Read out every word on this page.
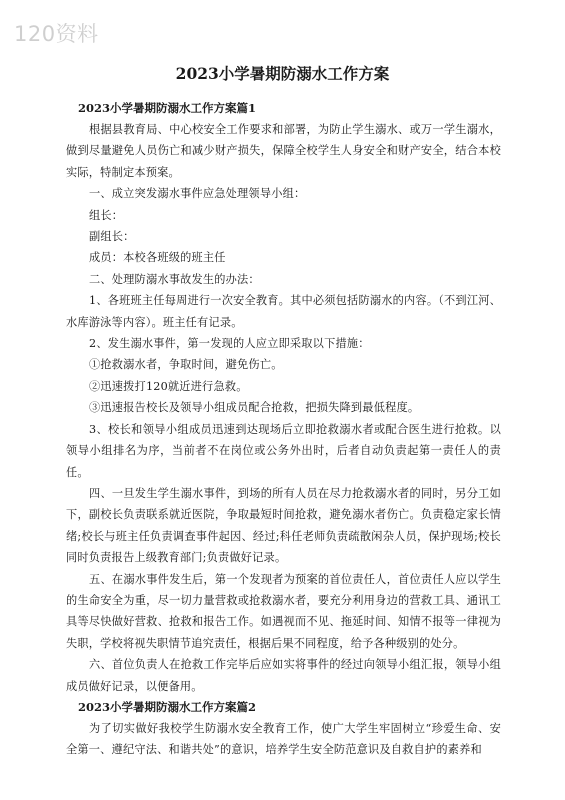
120资料
2023小学暑期防溺水工作方案
2023小学暑期防溺水工作方案篇1

根据县教育局、中心校安全工作要求和部署，为防止学生溺水、或万一学生溺水，做到尽量避免人员伤亡和减少财产损失，保障全校学生人身安全和财产安全，结合本校实际，特制定本预案。

一、成立突发溺水事件应急处理领导小组：

组长：

副组长：

成员：本校各班级的班主任

二、处理防溺水事故发生的办法：

1、各班班主任每周进行一次安全教育。其中必须包括防溺水的内容。（不到江河、水库游泳等内容）。班主任有记录。

2、发生溺水事件，第一发现的人应立即采取以下措施：

①抢救溺水者，争取时间，避免伤亡。

②迅速拨打120就近进行急救。

③迅速报告校长及领导小组成员配合抢救，把损失降到最低程度。

3、校长和领导小组成员迅速到达现场后立即抢救溺水者或配合医生进行抢救。以领导小组排名为序，当前者不在岗位或公务外出时，后者自动负责起第一责任人的责任。

四、一旦发生学生溺水事件，到场的所有人员在尽力抢救溺水者的同时，另分工如下，副校长负责联系就近医院，争取最短时间抢救，避免溺水者伤亡。负责稳定家长情绪;校长与班主任负责调查事件起因、经过;科任老师负责疏散闲杂人员，保护现场;校长同时负责报告上级教育部门;负责做好记录。

五、在溺水事件发生后，第一个发现者为预案的首位责任人，首位责任人应以学生的生命安全为重，尽一切力量营救或抢救溺水者，要充分利用身边的营救工具、通讯工具等尽快做好营救、抢救和报告工作。如遇视而不见、拖延时间、知情不报等一律视为失职，学校将视失职情节追究责任，根据后果不同程度，给予各种级别的处分。

六、首位负责人在抢救工作完毕后应如实将事件的经过向领导小组汇报，领导小组成员做好记录，以便备用。

2023小学暑期防溺水工作方案篇2

为了切实做好我校学生防溺水安全教育工作，使广大学生牢固树立“珍爱生命、安全第一、遵纪守法、和谐共处”的意识，培养学生安全防范意识及自救自护的素养和
